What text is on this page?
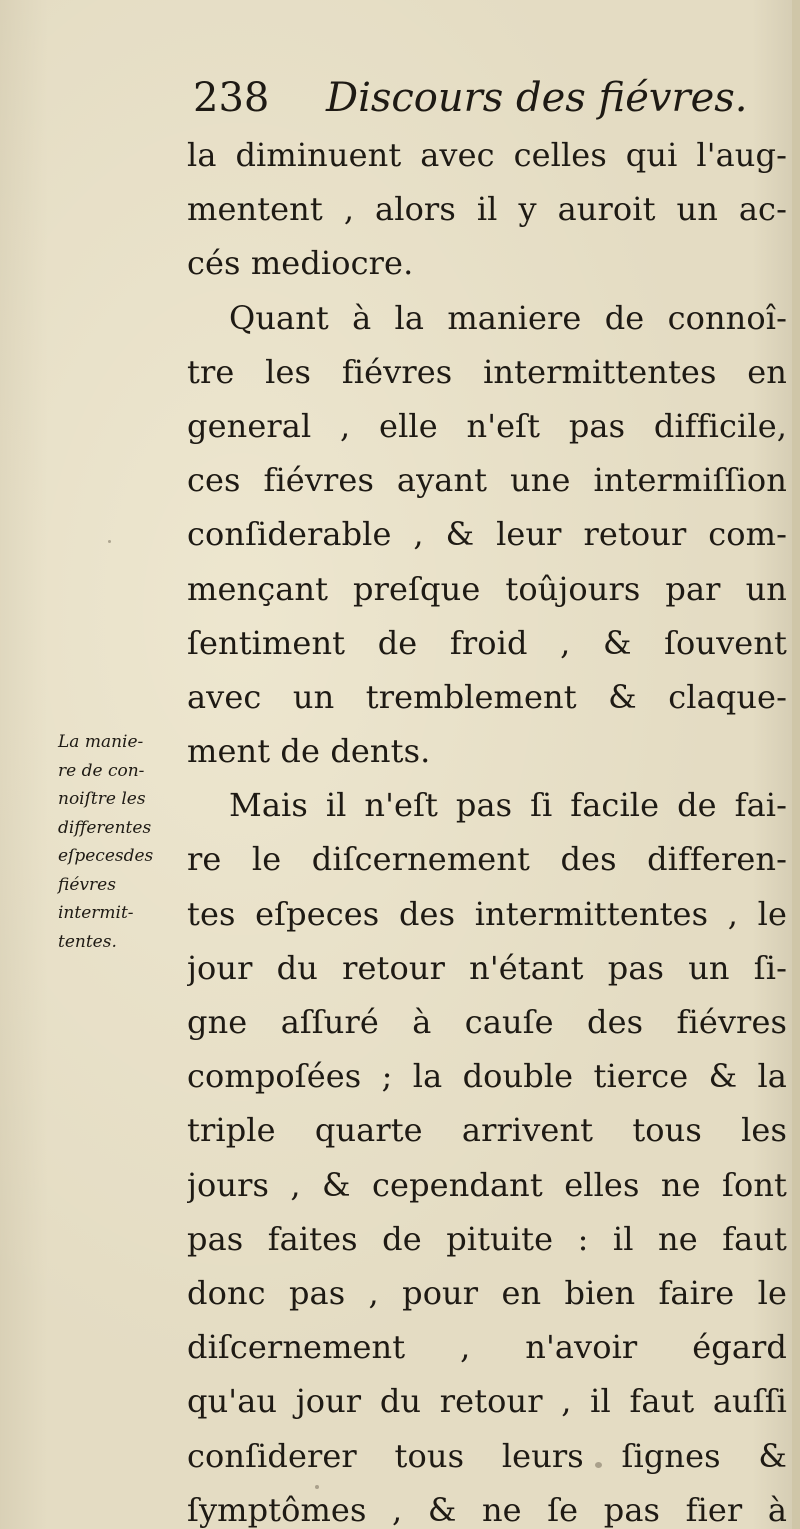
238 Discours des fiévres.
la diminuent avec celles qui l'aug-
mentent , alors il y auroit un ac-
cés mediocre.
Quant à la maniere de connoî-
tre les fiévres intermittentes en
general , elle n'eſt pas difficile,
ces fiévres ayant une intermiſſion
conſiderable , & leur retour com-
mençant preſque toûjours par un
ſentiment de froid , & ſouvent
avec un tremblement & claque-
ment de dents.
Mais il n'eſt pas ſi facile de fai-
re le diſcernement des differen-
tes eſpeces des intermittentes , le
jour du retour n'étant pas un ſi-
gne aſſuré à cauſe des fiévres
compoſées ; la double tierce & la
triple quarte arrivent tous les
jours , & cependant elles ne ſont
pas faites de pituite : il ne faut
donc pas , pour en bien faire le
diſcernement , n'avoir égard
qu'au jour du retour , il faut auſſi
conſiderer tous leurs ſignes &
ſymptômes , & ne ſe pas fier à
La manie-
re de con-
noiſtre les
differentes
eſpecesdes
fiévres
intermit-
tentes.
